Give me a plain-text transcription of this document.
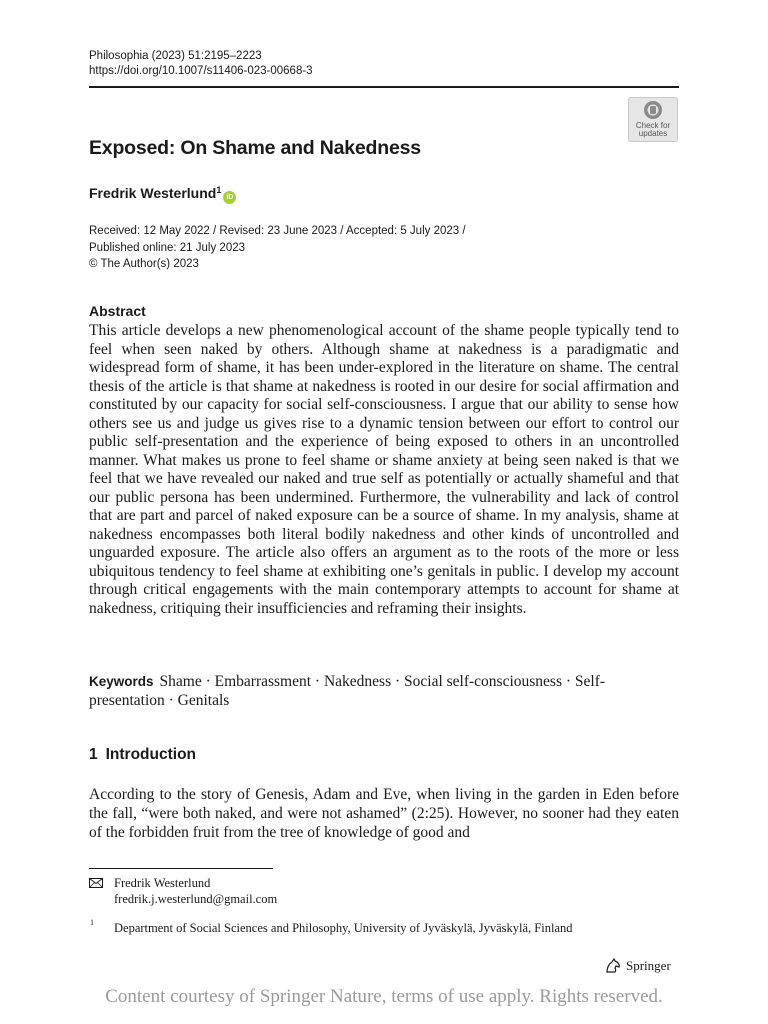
Philosophia (2023) 51:2195–2223
https://doi.org/10.1007/s11406-023-00668-3
Check for
updates
Exposed: On Shame and Nakedness
Fredrik Westerlund$^1$iD
Received: 12 May 2022 / Revised: 23 June 2023 / Accepted: 5 July 2023 /
Published online: 21 July 2023
© The Author(s) 2023
Abstract
This article develops a new phenomenological account of the shame people typically tend to feel when seen naked by others. Although shame at nakedness is a paradigmatic and widespread form of shame, it has been under-explored in the literature on shame. The central thesis of the article is that shame at nakedness is rooted in our desire for social affirmation and constituted by our capacity for social self-consciousness. I argue that our ability to sense how others see us and judge us gives rise to a dynamic tension between our effort to control our public self-presentation and the experience of being exposed to others in an uncontrolled manner. What makes us prone to feel shame or shame anxiety at being seen naked is that we feel that we have revealed our naked and true self as potentially or actually shameful and that our public persona has been undermined. Furthermore, the vulnerability and lack of control that are part and parcel of naked exposure can be a source of shame. In my analysis, shame at nakedness encompasses both literal bodily nakedness and other kinds of uncontrolled and unguarded exposure. The article also offers an argument as to the roots of the more or less ubiquitous tendency to feel shame at exhibiting one’s genitals in public. I develop my account through critical engagements with the main contemporary attempts to account for shame at nakedness, critiquing their insufficiencies and reframing their insights.
Keywords Shame · Embarrassment · Nakedness · Social self-consciousness · Self-presentation · Genitals
1 Introduction
According to the story of Genesis, Adam and Eve, when living in the garden in Eden before the fall, “were both naked, and were not ashamed” (2:25). However, no sooner had they eaten of the forbidden fruit from the tree of knowledge of good and
Fredrik Westerlund
fredrik.j.westerlund@gmail.com
1 Department of Social Sciences and Philosophy, University of Jyväskylä, Jyväskylä, Finland
Springer
Content courtesy of Springer Nature, terms of use apply. Rights reserved.
